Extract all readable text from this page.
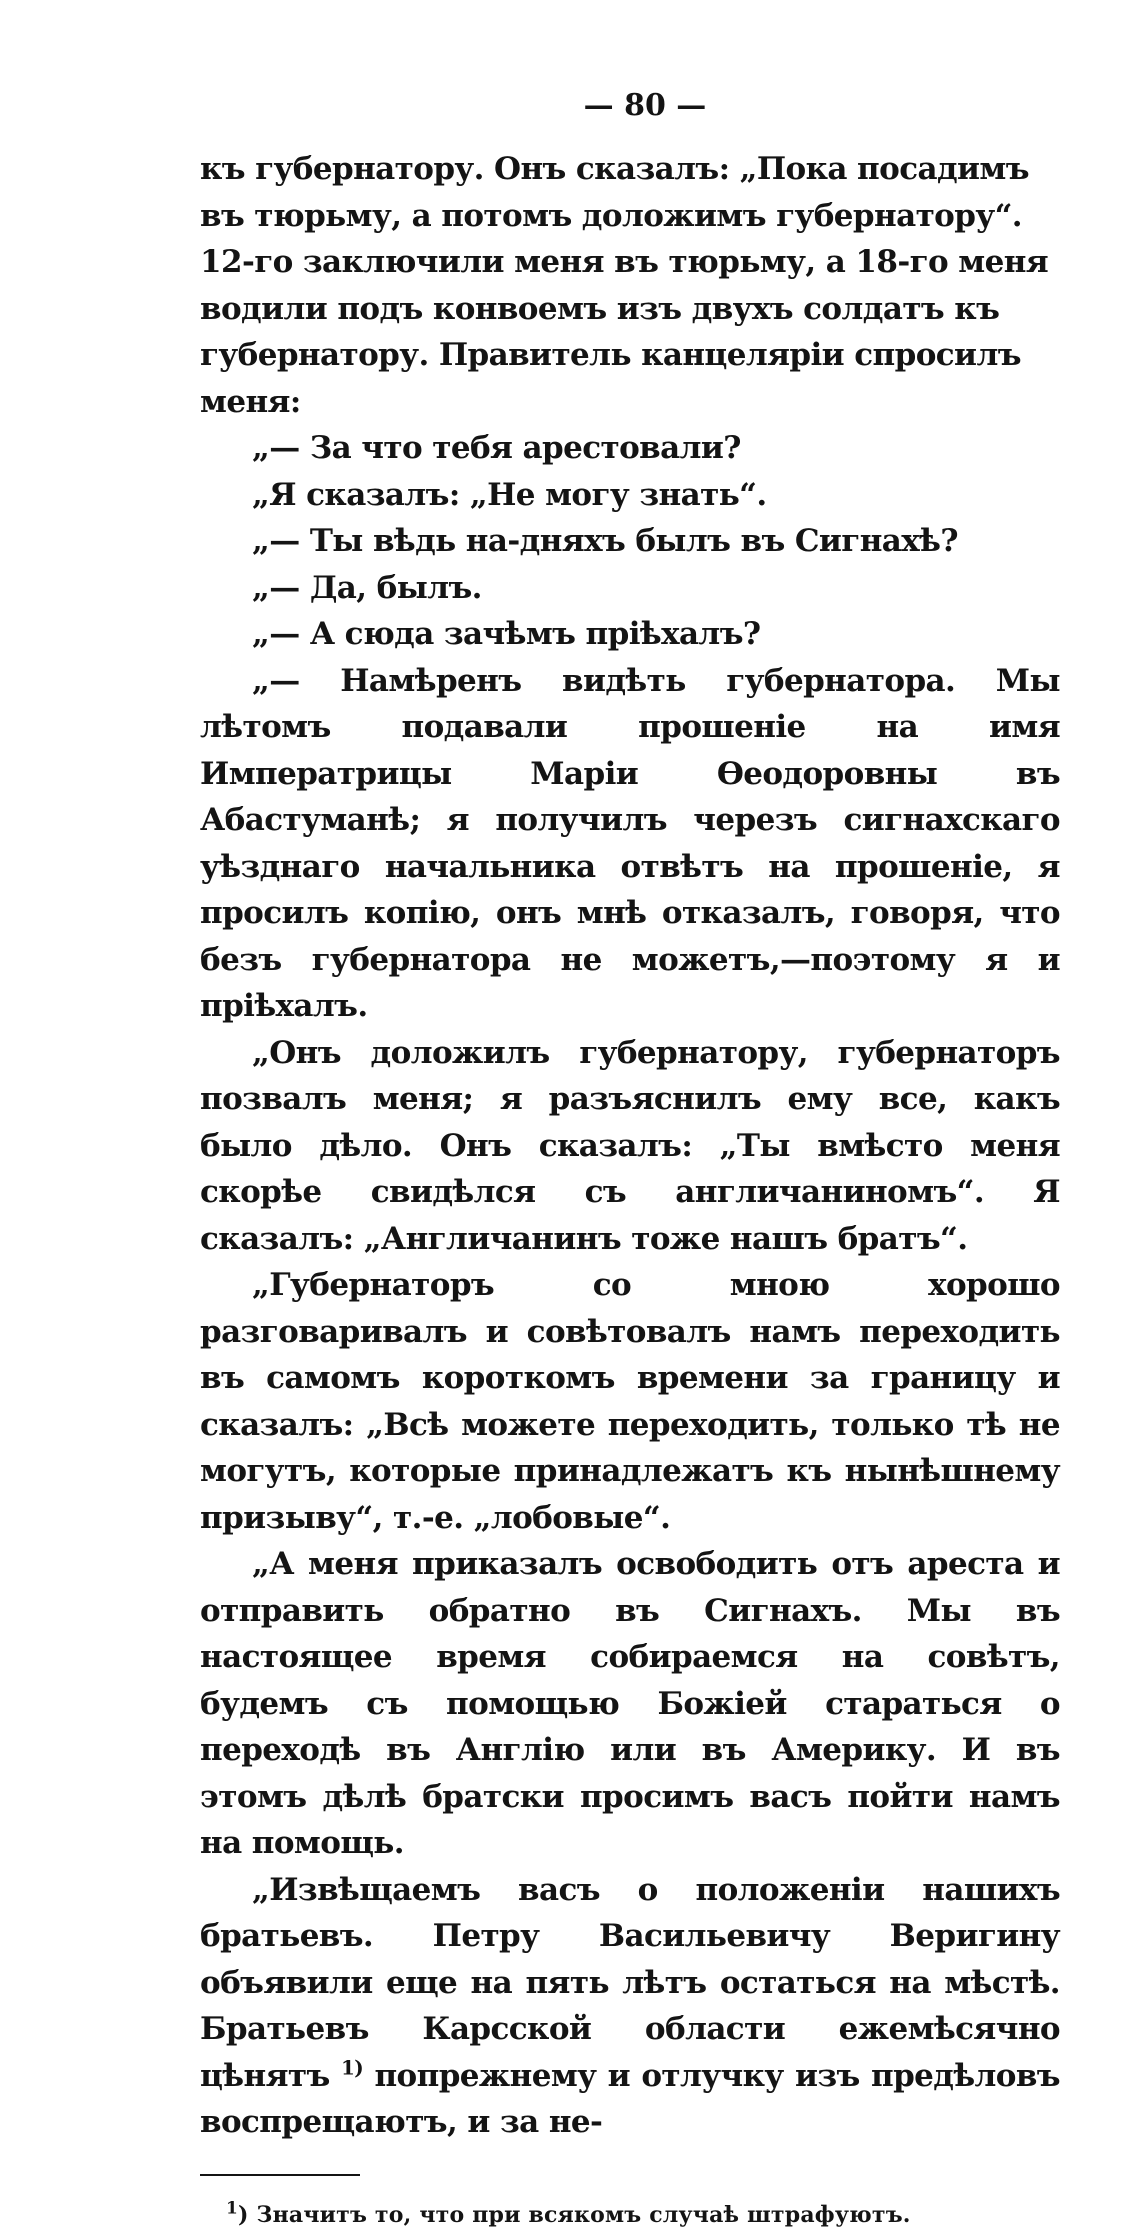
— 80 —

къ губернатору. Онъ сказалъ: „Пока посадимъ въ тюрьму, а потомъ доложимъ губернатору“. 12-го заключили меня въ тюрьму, а 18-го меня водили подъ конвоемъ изъ двухъ солдатъ къ губернатору. Правитель канцеляріи спросилъ меня:

„— За что тебя арестовали?

„Я сказалъ: „Не могу знать“.

„— Ты вѣдь на-дняхъ былъ въ Сигнахѣ?

„— Да, былъ.

„— А сюда зачѣмъ пріѣхалъ?

„— Намѣренъ видѣть губернатора. Мы лѣтомъ подавали прошеніе на имя Императрицы Маріи Ѳеодоровны въ Абастуманѣ; я получилъ черезъ сигнахскаго уѣзднаго начальника отвѣтъ на прошеніе, я просилъ копію, онъ мнѣ отказалъ, говоря, что безъ губернатора не можетъ,—поэтому я и пріѣхалъ.

„Онъ доложилъ губернатору, губернаторъ позвалъ меня; я разъяснилъ ему все, какъ было дѣло. Онъ сказалъ: „Ты вмѣсто меня скорѣе свидѣлся съ англичаниномъ“. Я сказалъ: „Англичанинъ тоже нашъ братъ“.

„Губернаторъ со мною хорошо разговаривалъ и совѣтовалъ намъ переходить въ самомъ короткомъ времени за границу и сказалъ: „Всѣ можете переходить, только тѣ не могутъ, которые принадлежатъ къ нынѣшнему призыву“, т.-е. „лобовые“.

„А меня приказалъ освободить отъ ареста и отправить обратно въ Сигнахъ. Мы въ настоящее время собираемся на совѣтъ, будемъ съ помощью Божіей стараться о переходѣ въ Англію или въ Америку. И въ этомъ дѣлѣ братски просимъ васъ пойти намъ на помощь.

„Извѣщаемъ васъ о положеніи нашихъ братьевъ. Петру Васильевичу Веригину объявили еще на пять лѣтъ остаться на мѣстѣ. Братьевъ Карсской области ежемѣсячно цѣнятъ $^{1)}$ попрежнему и отлучку изъ предѣловъ воспрещаютъ, и за не-

$^1$) Значитъ то, что при всякомъ случаѣ штрафуютъ.
